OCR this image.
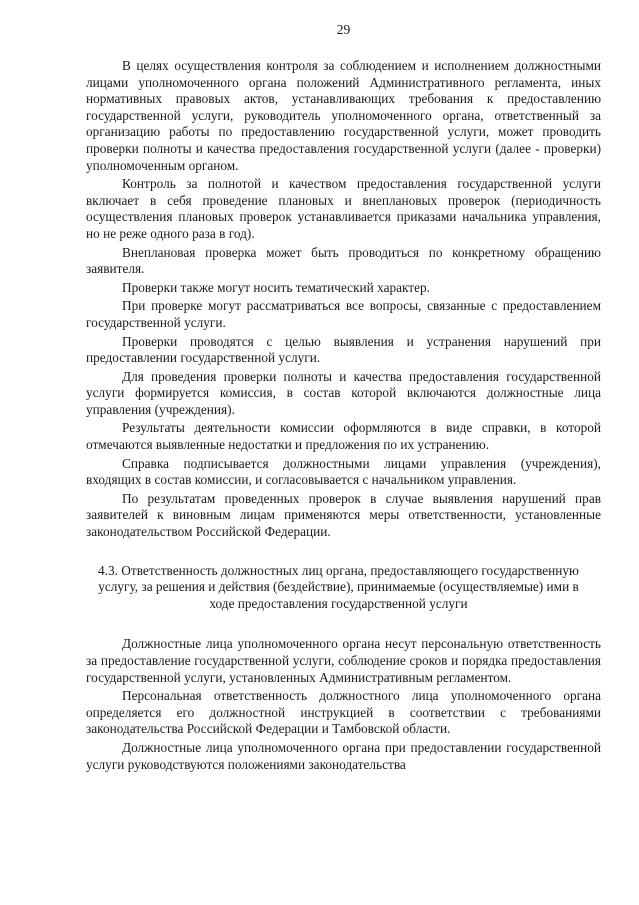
29

В целях осуществления контроля за соблюдением и исполнением должностными лицами уполномоченного органа положений Административного регламента, иных нормативных правовых актов, устанавливающих требования к предоставлению государственной услуги, руководитель уполномоченного органа, ответственный за организацию работы по предоставлению государственной услуги, может проводить проверки полноты и качества предоставления государственной услуги (далее - проверки) уполномоченным органом.

Контроль за полнотой и качеством предоставления государственной услуги включает в себя проведение плановых и внеплановых проверок (периодичность осуществления плановых проверок устанавливается приказами начальника управления, но не реже одного раза в год).

Внеплановая проверка может быть проводиться по конкретному обращению заявителя.

Проверки также могут носить тематический характер.

При проверке могут рассматриваться все вопросы, связанные с предоставлением государственной услуги.

Проверки проводятся с целью выявления и устранения нарушений при предоставлении государственной услуги.

Для проведения проверки полноты и качества предоставления государственной услуги формируется комиссия, в состав которой включаются должностные лица управления (учреждения).

Результаты деятельности комиссии оформляются в виде справки, в которой отмечаются выявленные недостатки и предложения по их устранению.

Справка подписывается должностными лицами управления (учреждения), входящих в состав комиссии, и согласовывается с начальником управления.

По результатам проведенных проверок в случае выявления нарушений прав заявителей к виновным лицам применяются меры ответственности, установленные законодательством Российской Федерации.

4.3. Ответственность должностных лиц органа, предоставляющего государственную услугу, за решения и действия (бездействие), принимаемые (осуществляемые) ими в ходе предоставления государственной услуги

Должностные лица уполномоченного органа несут персональную ответственность за предоставление государственной услуги, соблюдение сроков и порядка предоставления государственной услуги, установленных Административным регламентом.

Персональная ответственность должностного лица уполномоченного органа определяется его должностной инструкцией в соответствии с требованиями законодательства Российской Федерации и Тамбовской области.

Должностные лица уполномоченного органа при предоставлении государственной услуги руководствуются положениями законодательства
